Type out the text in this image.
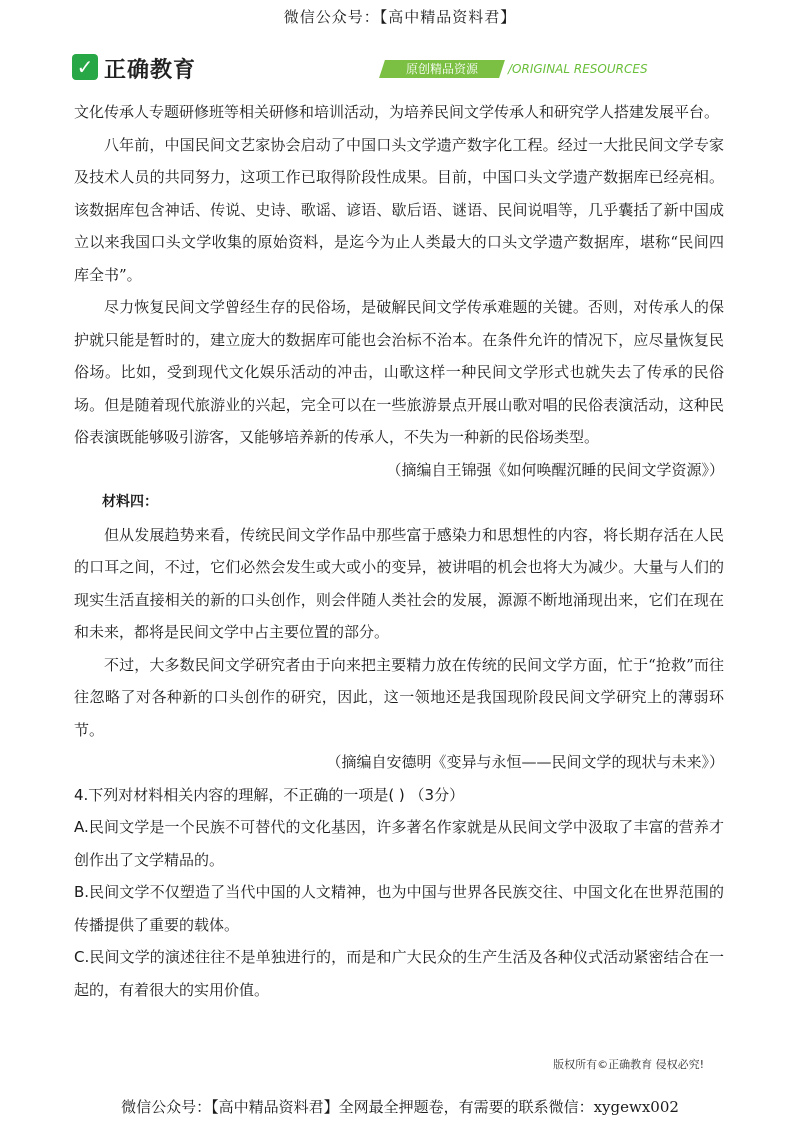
微信公众号：【高中精品资料君】
✓ 正确教育	原创精品资源	/ORIGINAL RESOURCES

文化传承人专题研修班等相关研修和培训活动，为培养民间文学传承人和研究学人搭建发展平台。

八年前，中国民间文艺家协会启动了中国口头文学遗产数字化工程。经过一大批民间文学专家及技术人员的共同努力，这项工作已取得阶段性成果。目前，中国口头文学遗产数据库已经亮相。该数据库包含神话、传说、史诗、歌谣、谚语、歇后语、谜语、民间说唱等，几乎囊括了新中国成立以来我国口头文学收集的原始资料，是迄今为止人类最大的口头文学遗产数据库，堪称“民间四库全书”。

尽力恢复民间文学曾经生存的民俗场，是破解民间文学传承难题的关键。否则，对传承人的保护就只能是暂时的，建立庞大的数据库可能也会治标不治本。在条件允许的情况下，应尽量恢复民俗场。比如，受到现代文化娱乐活动的冲击，山歌这样一种民间文学形式也就失去了传承的民俗场。但是随着现代旅游业的兴起，完全可以在一些旅游景点开展山歌对唱的民俗表演活动，这种民俗表演既能够吸引游客，又能够培养新的传承人，不失为一种新的民俗场类型。

（摘编自王锦强《如何唤醒沉睡的民间文学资源》）

材料四：

但从发展趋势来看，传统民间文学作品中那些富于感染力和思想性的内容，将长期存活在人民的口耳之间，不过，它们必然会发生或大或小的变异，被讲唱的机会也将大为减少。大量与人们的现实生活直接相关的新的口头创作，则会伴随人类社会的发展，源源不断地涌现出来，它们在现在和未来，都将是民间文学中占主要位置的部分。

不过，大多数民间文学研究者由于向来把主要精力放在传统的民间文学方面，忙于“抢救”而往往忽略了对各种新的口头创作的研究，因此，这一领地还是我国现阶段民间文学研究上的薄弱环节。

（摘编自安德明《变异与永恒——民间文学的现状与未来》）

4.下列对材料相关内容的理解，不正确的一项是( ) （3分）

A.民间文学是一个民族不可替代的文化基因，许多著名作家就是从民间文学中汲取了丰富的营养才创作出了文学精品的。

B.民间文学不仅塑造了当代中国的人文精神，也为中国与世界各民族交往、中国文化在世界范围的传播提供了重要的载体。

C.民间文学的演述往往不是单独进行的，而是和广大民众的生产生活及各种仪式活动紧密结合在一起的，有着很大的实用价值。

版权所有©正确教育 侵权必究!
微信公众号：【高中精品资料君】全网最全押题卷，有需要的联系微信：xygewx002
